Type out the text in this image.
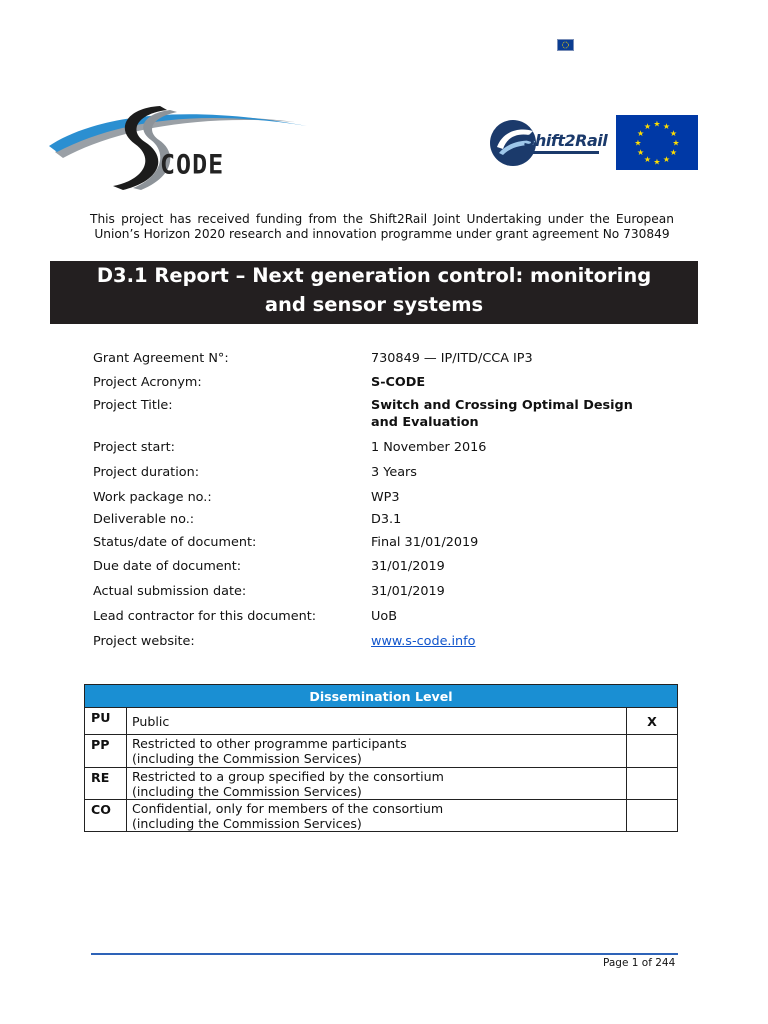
CODE
Shift2Rail
★ ★
★
★
★
★
★
★
★
★
★
★
This project has received funding from the Shift2Rail Joint Undertaking under the European Union’s Horizon 2020 research and innovation programme under grant agreement No 730849
D3.1 Report – Next generation control: monitoring
and sensor systems
Grant Agreement N°:	730849 — IP/ITD/CCA IP3
Project Acronym:	S-CODE
Project Title:	Switch and Crossing Optimal Design
and Evaluation
Project start:	1 November 2016
Project duration:	3 Years
Work package no.:	WP3
Deliverable no.:	D3.1
Status/date of document:	Final 31/01/2019
Due date of document:	31/01/2019
Actual submission date:	31/01/2019
Lead contractor for this document:	UoB
Project website:	www.s-code.info
Dissemination Level		
PU	Public	X
PP	Restricted to other programme participants
(including the Commission Services)	

RE	Restricted to a group specified by the consortium
(including the Commission Services)	

CO	Confidential, only for members of the consortium
(including the Commission Services)	

Page 1 of 244
